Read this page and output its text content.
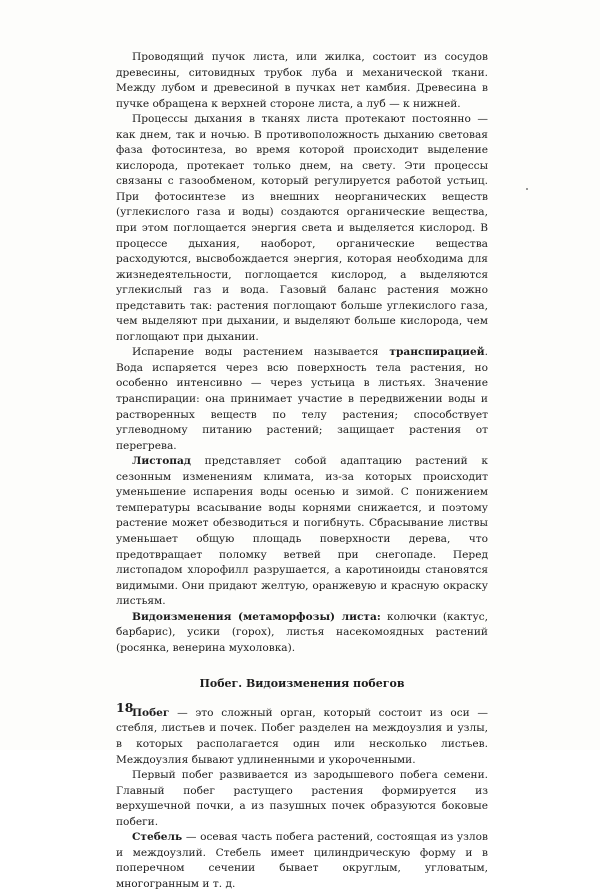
Проводящий пучок листа, или жилка, состоит из сосудов древесины, ситовидных трубок луба и механической ткани. Между лубом и древесиной в пучках нет камбия. Древесина в пучке обращена к верхней стороне листа, а луб — к нижней.

Процессы дыхания в тканях листа протекают постоянно — как днем, так и ночью. В противоположность дыханию световая фаза фотосинтеза, во время которой происходит выделение кислорода, протекает только днем, на свету. Эти процессы связаны с газообменом, который регулируется работой устьиц. При фотосинтезе из внешних неорганических веществ (углекислого газа и воды) создаются органические вещества, при этом поглощается энергия света и выделяется кислород. В процессе дыхания, наоборот, органические вещества расходуются, высвобождается энергия, которая необходима для жизнедеятельности, поглощается кислород, а выделяются углекислый газ и вода. Газовый баланс растения можно представить так: растения поглощают больше углекислого газа, чем выделяют при дыхании, и выделяют больше кислорода, чем поглощают при дыхании.

Испарение воды растением называется транспирацией. Вода испаряется через всю поверхность тела растения, но особенно интенсивно — через устьица в листьях. Значение транспирации: она принимает участие в передвижении воды и растворенных веществ по телу растения; способствует углеводному питанию растений; защищает растения от перегрева.

Листопад представляет собой адаптацию растений к сезонным изменениям климата, из-за которых происходит уменьшение испарения воды осенью и зимой. С понижением температуры всасывание воды корнями снижается, и поэтому растение может обезводиться и погибнуть. Сбрасывание листвы уменьшает общую площадь поверхности дерева, что предотвращает поломку ветвей при снегопаде. Перед листопадом хлорофилл разрушается, а каротиноиды становятся видимыми. Они придают желтую, оранжевую и красную окраску листьям.

Видоизменения (метаморфозы) листа: колючки (кактус, барбарис), усики (горох), листья насекомоядных растений (росянка, венерина мухоловка).

Побег. Видоизменения побегов

Побег — это сложный орган, который состоит из оси — стебля, листьев и почек. Побег разделен на междоузлия и узлы, в которых располагается один или несколько листьев. Междоузлия бывают удлиненными и укороченными.

Первый побег развивается из зародышевого побега семени. Главный побег растущего растения формируется из верхушечной почки, а из пазушных почек образуются боковые побеги.

Стебель — осевая часть побега растений, состоящая из узлов и междоузлий. Стебель имеет цилиндрическую форму и в поперечном сечении бывает округлым, угловатым, многогранным и т. д.

18
